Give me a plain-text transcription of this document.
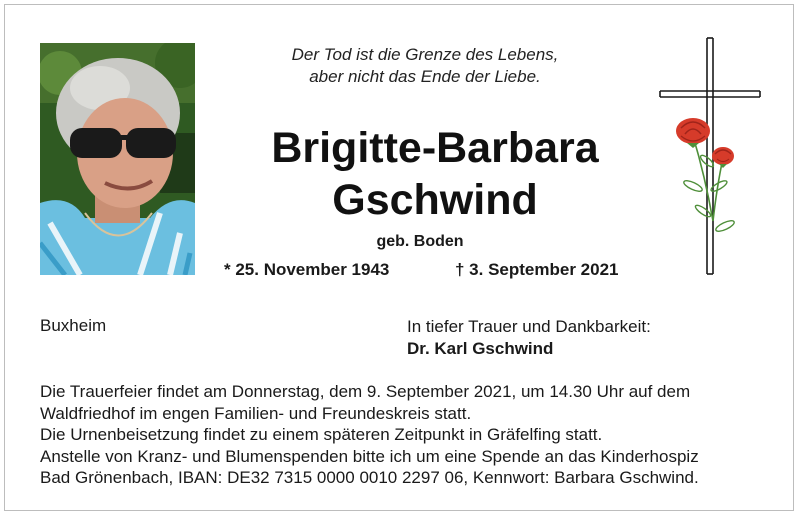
Der Tod ist die Grenze des Lebens,
aber nicht das Ende der Liebe.
Brigitte-Barbara
Gschwind
geb. Boden
* 25. November 1943	† 3. September 2021
Buxheim	In tiefer Trauer und Dankbarkeit:
Dr. Karl Gschwind

Die Trauerfeier findet am Donnerstag, dem 9. September 2021, um 14.30 Uhr auf dem

Waldfriedhof im engen Familien- und Freundeskreis statt.

Die Urnenbeisetzung findet zu einem späteren Zeitpunkt in Gräfelfing statt.

Anstelle von Kranz- und Blumenspenden bitte ich um eine Spende an das Kinderhospiz

Bad Grönenbach, IBAN: DE32 7315 0000 0010 2297 06, Kennwort: Barbara Gschwind.
